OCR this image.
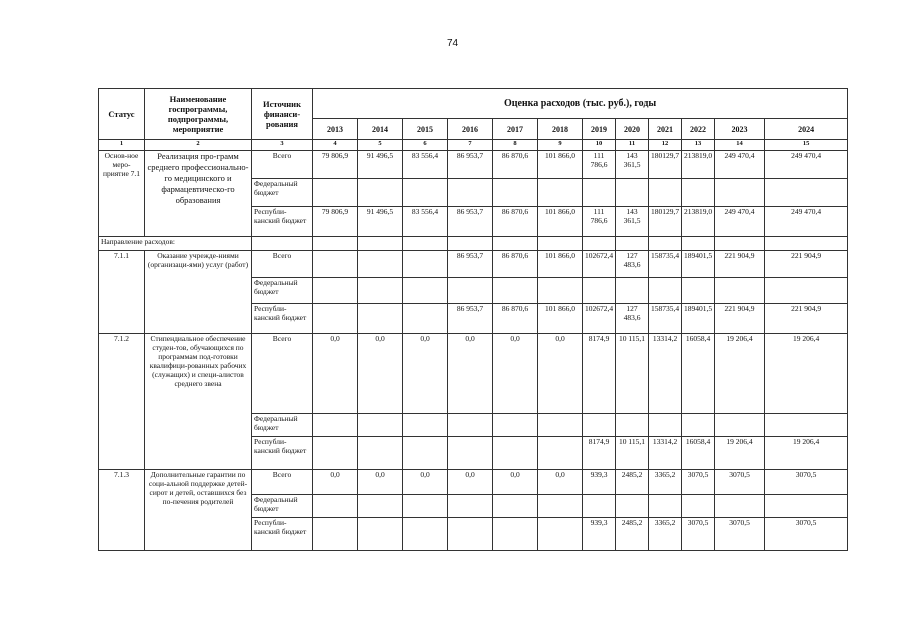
74
Статус	Наименование госпрограммы, подпрограммы, мероприятие	Источник финанси-рования	Оценка расходов (тыс. руб.), годы											
			2013	2014	2015	2016	2017	2018	2019	2020	2021	2022	2023	2024
1	2	3	4	5	6	7	8	9	10	11	12	13	14	15
Основ-ное меро-приятие 7.1	Реализация про-грамм среднего профессионально-го медицинского и фармацевтическо-го образования	Всего	79 806,9	91 496,5	83 556,4	86 953,7	86 870,6	101 866,0	111 786,6	143 361,5	180129,7	213819,0	249 470,4	249 470,4
		Федеральный бюджет												
		Республи-канский бюджет	79 806,9	91 496,5	83 556,4	86 953,7	86 870,6	101 866,0	111 786,6	143 361,5	180129,7	213819,0	249 470,4	249 470,4
Направление расходов:														
7.1.1	Оказание учрежде-ниями (организаци-ями) услуг (работ)	Всего				86 953,7	86 870,6	101 866,0	102672,4	127 483,6	158735,4	189401,5	221 904,9	221 904,9
		Федеральный бюджет												
		Республи-канский бюджет				86 953,7	86 870,6	101 866,0	102672,4	127 483,6	158735,4	189401,5	221 904,9	221 904,9
7.1.2	Стипендиальное обеспечение студен-тов, обучающихся по программам под-готовки квалифици-рованных рабочих (служащих) и специ-алистов среднего звена	Всего	0,0	0,0	0,0	0,0	0,0	0,0	8174,9	10 115,1	13314,2	16058,4	19 206,4	19 206,4
		Федеральный бюджет												
		Республи-канский бюджет							8174,9	10 115,1	13314,2	16058,4	19 206,4	19 206,4
7.1.3	Дополнительные гарантии по соци-альной поддержке детей-сирот и детей, оставшихся без по-печения родителей	Всего	0,0	0,0	0,0	0,0	0,0	0,0	939,3	2485,2	3365,2	3070,5	3070,5	3070,5
		Федеральный бюджет												
		Республи-канский бюджет							939,3	2485,2	3365,2	3070,5	3070,5	3070,5
